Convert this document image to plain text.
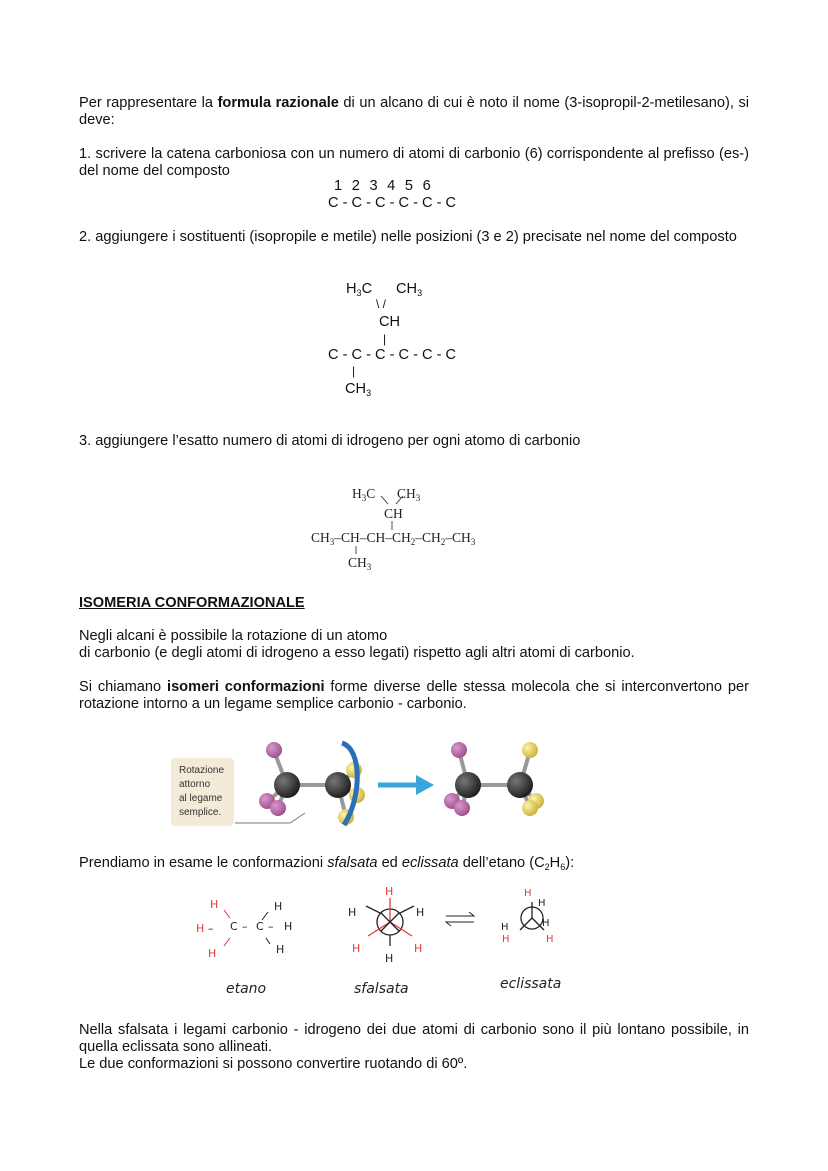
Per rappresentare la formula razionale di un alcano di cui è noto il nome (3-isopropil-2-metilesano), si deve:
1. scrivere la catena carboniosa con un numero di atomi di carbonio (6) corrispondente al prefisso (es-) del nome del composto
1  2  3  4  5  6
C - C - C - C - C - C
2. aggiungere i sostituenti (isopropile e metile) nelle posizioni (3 e 2) precisate nel nome del composto
$H_3C$ $CH_3$
\ /
CH
|
C - C - C - C - C - C
|
$CH_3$
3. aggiungere l’esatto numero di atomi di idrogeno per ogni atomo di carbonio
$H_3C$ $CH_3$
CH
$CH_3-CH-CH-CH_2-CH_2-CH_3$
$CH_3$
ISOMERIA CONFORMAZIONALE
Negli alcani è possibile la rotazione di un atomo
di carbonio (e degli atomi di idrogeno a esso legati) rispetto agli altri atomi di carbonio.
Si chiamano isomeri conformazioni forme diverse delle stessa molecola che si interconvertono per rotazione intorno a un legame semplice carbonio - carbonio.
Rotazione
attorno
al legame
semplice.
Prendiamo in esame le conformazioni sfalsata ed eclissata dell’etano $(C_2H_6)$:
H	H
H – C – C – H
H	H
H
H	H
H	H
H
H
H
H	H
H	H
etano	sfalsata	eclissata
Nella sfalsata i legami carbonio - idrogeno dei due atomi di carbonio sono il più lontano possibile, in quella eclissata sono allineati.
Le due conformazioni si possono convertire ruotando di 60º.
